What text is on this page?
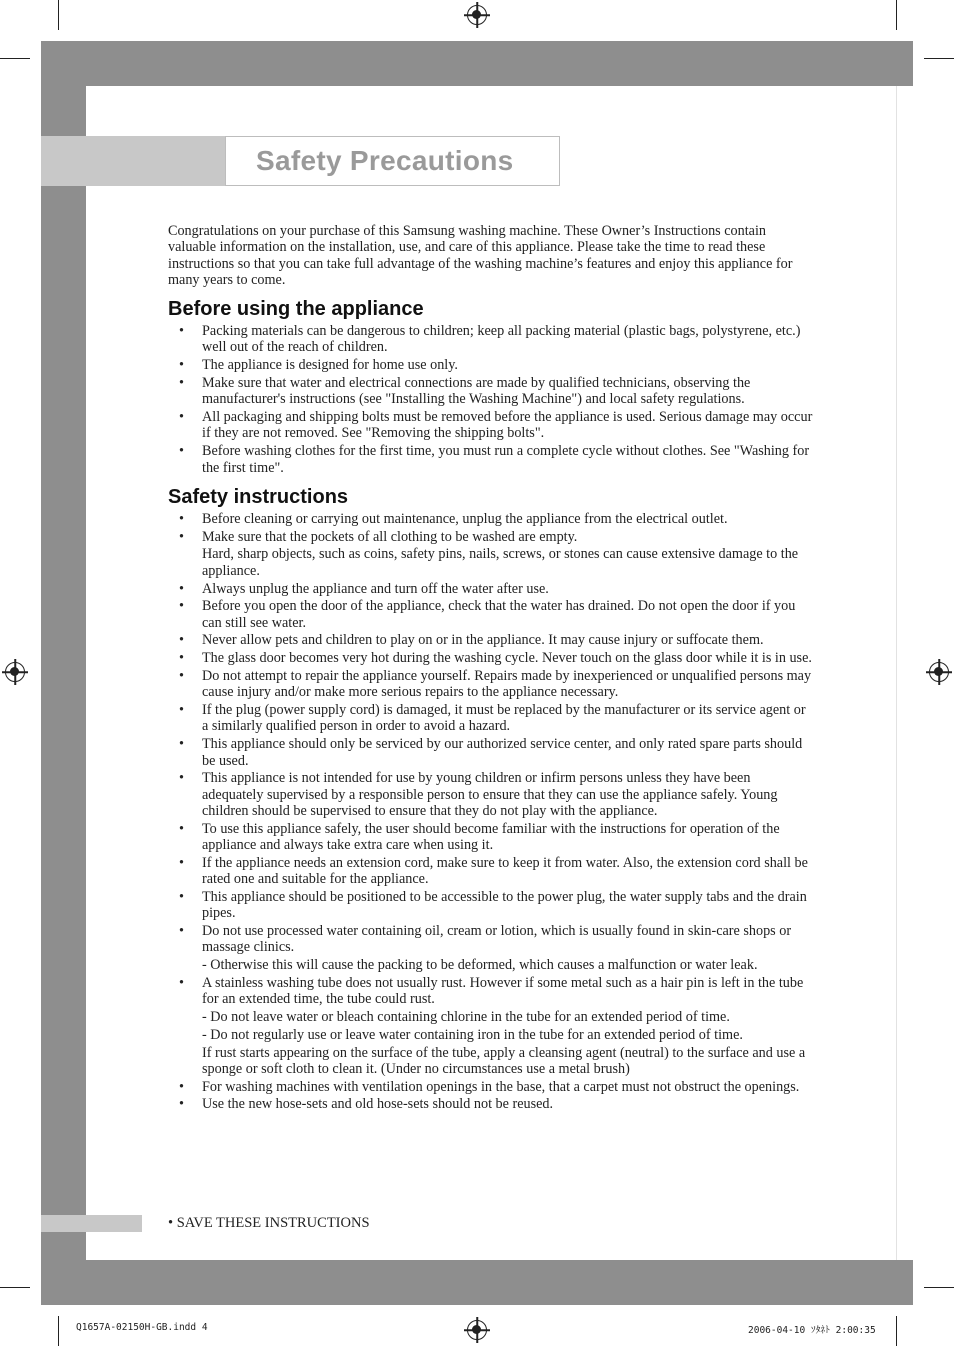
Safety Precautions

Congratulations on your purchase of this Samsung washing machine. These Owner’s Instructions contain valuable information on the installation, use, and care of this appliance. Please take the time to read these instructions so that you can take full advantage of the washing machine’s features and enjoy this appliance for many years to come.

Before using the appliance
• Packing materials can be dangerous to children; keep all packing material (plastic bags, polystyrene, etc.) well out of the reach of children.
• The appliance is designed for home use only.
• Make sure that water and electrical connections are made by qualified technicians, observing the manufacturer's instructions (see "Installing the Washing Machine") and local safety regulations.
• All packaging and shipping bolts must be removed before the appliance is used. Serious damage may occur if they are not removed. See "Removing the shipping bolts".
• Before washing clothes for the first time, you must run a complete cycle without clothes. See "Washing for the first time".
Safety instructions
• Before cleaning or carrying out maintenance, unplug the appliance from the electrical outlet.
• Make sure that the pockets of all clothing to be washed are empty.
Hard, sharp objects, such as coins, safety pins, nails, screws, or stones can cause extensive damage to the appliance.
• Always unplug the appliance and turn off the water after use.
• Before you open the door of the appliance, check that the water has drained. Do not open the door if you can still see water.
• Never allow pets and children to play on or in the appliance. It may cause injury or suffocate them.
• The glass door becomes very hot during the washing cycle. Never touch on the glass door while it is in use.
• Do not attempt to repair the appliance yourself. Repairs made by inexperienced or unqualified persons may cause injury and/or make more serious repairs to the appliance necessary.
• If the plug (power supply cord) is damaged, it must be replaced by the manufacturer or its service agent or a similarly qualified person in order to avoid a hazard.
• This appliance should only be serviced by our authorized service center, and only rated spare parts should be used.
• This appliance is not intended for use by young children or infirm persons unless they have been adequately supervised by a responsible person to ensure that they can use the appliance safely. Young children should be supervised to ensure that they do not play with the appliance.
• To use this appliance safely, the user should become familiar with the instructions for operation of the appliance and always take extra care when using it.
• If the appliance needs an extension cord, make sure to keep it from water. Also, the extension cord shall be rated one and suitable for the appliance.
• This appliance should be positioned to be accessible to the power plug, the water supply tabs and the drain pipes.
• Do not use processed water containing oil, cream or lotion, which is usually found in skin-care shops or massage clinics.
- Otherwise this will cause the packing to be deformed, which causes a malfunction or water leak.
• A stainless washing tube does not usually rust. However if some metal such as a hair pin is left in the tube for an extended time, the tube could rust.
- Do not leave water or bleach containing chlorine in the tube for an extended period of time.
- Do not regularly use or leave water containing iron in the tube for an extended period of time.
If rust starts appearing on the surface of the tube, apply a cleansing agent (neutral) to the surface and use a sponge or soft cloth to clean it. (Under no circumstances use a metal brush)
• For washing machines with ventilation openings in the base, that a carpet must not obstruct the openings.
• Use the new hose-sets and old hose-sets should not be reused.
• SAVE THESE INSTRUCTIONS
Q1657A-02150H-GB.indd 4	2006-04-10 ｿﾀﾈﾄ 2:00:35
